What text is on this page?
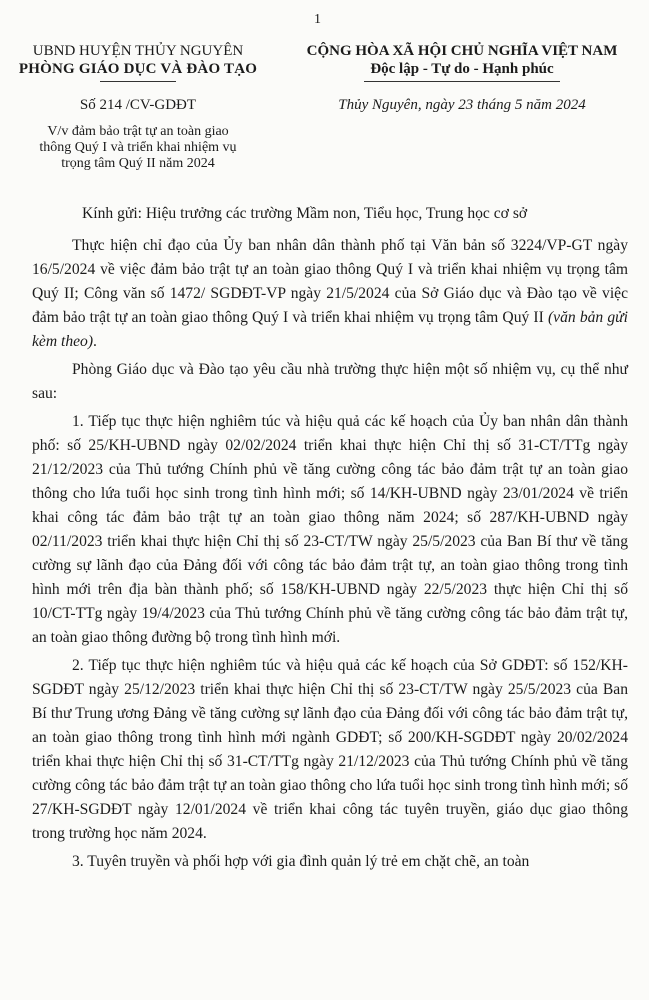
1
UBND HUYỆN THỦY NGUYÊN
PHÒNG GIÁO DỤC VÀ ĐÀO TẠO
Số 214 /CV-GDĐT
V/v đảm bảo trật tự an toàn giao
thông Quý I và triển khai nhiệm vụ
trọng tâm Quý II năm 2024
CỘNG HÒA XÃ HỘI CHỦ NGHĨA VIỆT NAM
Độc lập - Tự do - Hạnh phúc
Thủy Nguyên, ngày 23 tháng 5 năm 2024

Kính gửi: Hiệu trưởng các trường Mầm non, Tiểu học, Trung học cơ sở

Thực hiện chỉ đạo của Ủy ban nhân dân thành phố tại Văn bản số 3224/VP-GT ngày 16/5/2024 về việc đảm bảo trật tự an toàn giao thông Quý I và triển khai nhiệm vụ trọng tâm Quý II; Công văn số 1472/ SGDĐT-VP ngày 21/5/2024 của Sở Giáo dục và Đào tạo về việc đảm bảo trật tự an toàn giao thông Quý I và triển khai nhiệm vụ trọng tâm Quý II (văn bản gửi kèm theo).

Phòng Giáo dục và Đào tạo yêu cầu nhà trường thực hiện một số nhiệm vụ, cụ thể như sau:

1. Tiếp tục thực hiện nghiêm túc và hiệu quả các kế hoạch của Ủy ban nhân dân thành phố: số 25/KH-UBND ngày 02/02/2024 triển khai thực hiện Chỉ thị số 31-CT/TTg ngày 21/12/2023 của Thủ tướng Chính phủ về tăng cường công tác bảo đảm trật tự an toàn giao thông cho lứa tuổi học sinh trong tình hình mới; số 14/KH-UBND ngày 23/01/2024 về triển khai công tác đảm bảo trật tự an toàn giao thông năm 2024; số 287/KH-UBND ngày 02/11/2023 triển khai thực hiện Chỉ thị số 23-CT/TW ngày 25/5/2023 của Ban Bí thư về tăng cường sự lãnh đạo của Đảng đối với công tác bảo đảm trật tự, an toàn giao thông trong tình hình mới trên địa bàn thành phố; số 158/KH-UBND ngày 22/5/2023 thực hiện Chỉ thị số 10/CT-TTg ngày 19/4/2023 của Thủ tướng Chính phủ về tăng cường công tác bảo đảm trật tự, an toàn giao thông đường bộ trong tình hình mới.

2. Tiếp tục thực hiện nghiêm túc và hiệu quả các kế hoạch của Sở GDĐT: số 152/KH-SGDĐT ngày 25/12/2023 triển khai thực hiện Chỉ thị số 23-CT/TW ngày 25/5/2023 của Ban Bí thư Trung ương Đảng về tăng cường sự lãnh đạo của Đảng đối với công tác bảo đảm trật tự, an toàn giao thông trong tình hình mới ngành GDĐT; số 200/KH-SGDĐT ngày 20/02/2024 triển khai thực hiện Chỉ thị số 31-CT/TTg ngày 21/12/2023 của Thủ tướng Chính phủ về tăng cường công tác bảo đảm trật tự an toàn giao thông cho lứa tuổi học sinh trong tình hình mới; số 27/KH-SGDĐT ngày 12/01/2024 về triển khai công tác tuyên truyền, giáo dục giao thông trong trường học năm 2024.

3. Tuyên truyền và phối hợp với gia đình quản lý trẻ em chặt chẽ, an toàn
